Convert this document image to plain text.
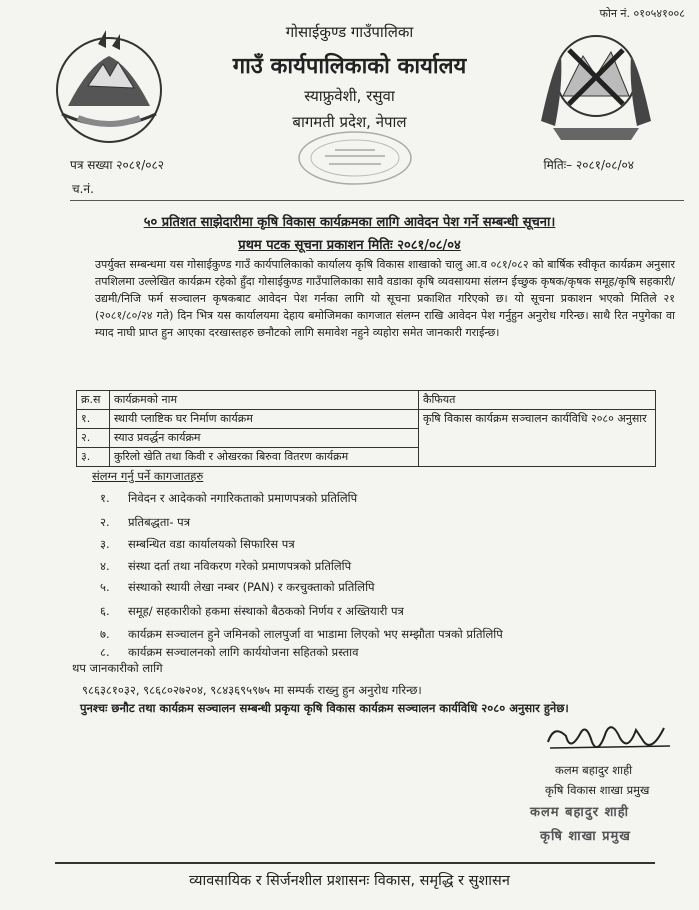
फोन नं. ०१०५४१००८
गोसाईकुण्ड गाउँपालिका
गाउँ कार्यपालिकाको कार्यालय
स्याफ्रुवेशी, रसुवा
बागमती प्रदेश, नेपाल
पत्र सख्या २०८१/०८२	मितिः– २०८१/०८/०४
च.नं.
५० प्रतिशत साझेदारीमा कृषि विकास कार्यक्रमका लागि आवेदन पेश गर्ने सम्बन्धी सूचना।
प्रथम पटक सूचना प्रकाशन मितिः २०८१/०८/०४
उपर्युक्त सम्बन्धमा यस गोसाईकुण्ड गाउँ कार्यपालिकाको कार्यालय कृषि विकास शाखाको चालु आ.व ०८१/०८२ को बार्षिक स्वीकृत कार्यक्रम अनुसार तपशिलमा उल्लेखित कार्यक्रम रहेको हुँदा गोसाईकुण्ड गाउँपालिकाका सावै वडाका कृषि व्यवसायमा संलग्न ईच्छुक कृषक/कृषक समूह/कृषि सहकारी/उद्यमी/निजि फर्म सञ्चालन कृषकबाट आवेदन पेश गर्नका लागि यो सूचना प्रकाशित गरिएको छ। यो सूचना प्रकाशन भएको मितिले २१ (२०८१/८०/२४ गते) दिन भित्र यस कार्यालयमा देहाय बमोजिमका कागजात संलग्न राखि आवेदन पेश गर्नुहुन अनुरोध गरिन्छ। साथै रित नपुगेका वा म्याद नाघी प्राप्त हुन आएका दरखास्तहरु छनौटको लागि समावेश नहुने व्यहोरा समेत जानकारी गराईन्छ।
क्र.स	कार्यक्रमको नाम	कैफियत
१.	स्थायी प्लाष्टिक घर निर्माण कार्यक्रम	कृषि विकास कार्यक्रम सञ्चालन कार्यविधि २०८० अनुसार
२.	स्याउ प्रवर्द्धन कार्यक्रम	
३.	कुरिलो खेति तथा किवी र ओखरका बिरुवा वितरण कार्यक्रम	
संलग्न गर्नु पर्ने कागजातहरु
१. निवेदन र आदेकको नगारिकताको प्रमाणपत्रको प्रतिलिपि
२. प्रतिबद्धता- पत्र
३. सम्बन्धित वडा कार्यालयको सिफारिस पत्र
४. संस्था दर्ता तथा नविकरण गरेको प्रमाणपत्रको प्रतिलिपि
५. संस्थाको स्थायी लेखा नम्बर (PAN) र करचुक्ताको प्रतिलिपि
६. समूह/ सहकारीको हकमा संस्थाको बैठकको निर्णय र अख्तियारी पत्र
७. कार्यक्रम सञ्चालन हुने जमिनको लालपुर्जा वा भाडामा लिएको भए सम्झौता पत्रको प्रतिलिपि
८. कार्यक्रम सञ्चालनको लागि कार्ययोजना सहितको प्रस्ताव
थप जानकारीको लागि
९८६३८१०३२, ९८६८०२७२०४, ९८४३६९५९७५ मा सम्पर्क राख्नु हुन अनुरोध गरिन्छ।
पुनश्चः छनौट तथा कार्यक्रम सञ्चालन सम्बन्धी प्रकृया कृषि विकास कार्यक्रम सञ्चालन कार्यविधि २०८० अनुसार हुनेछ।
कलम बहादुर शाही
कृषि विकास शाखा प्रमुख
कलम बहादुर शाही
कृषि शाखा प्रमुख
व्यावसायिक र सिर्जनशील प्रशासनः विकास, समृद्धि र सुशासन
